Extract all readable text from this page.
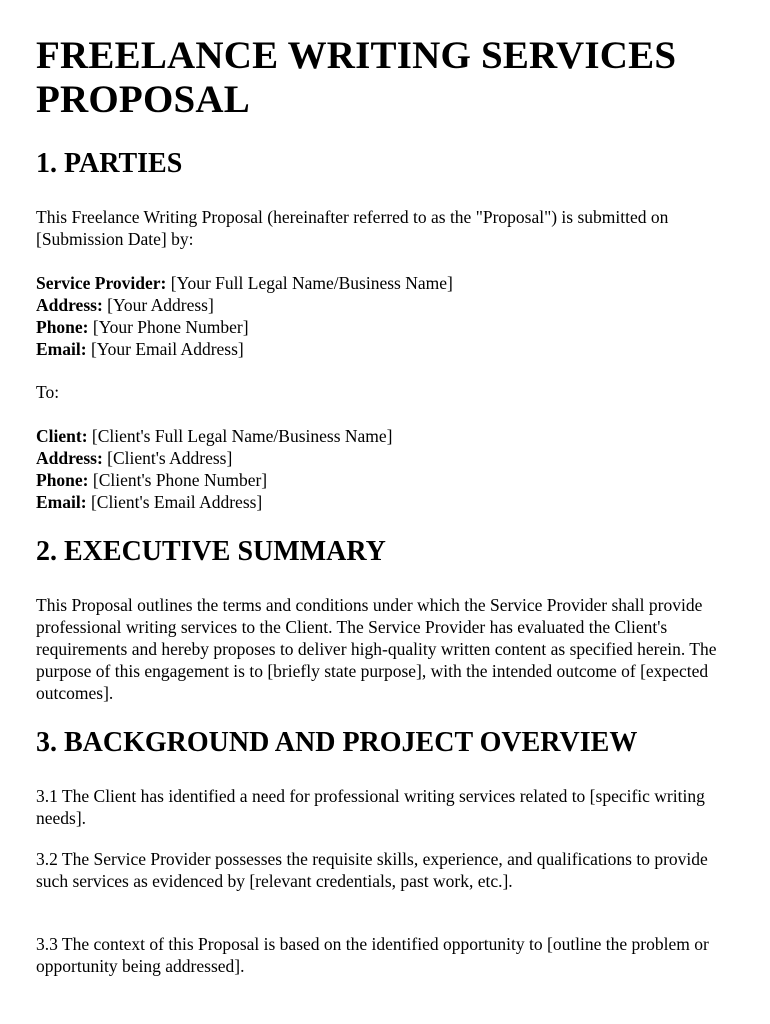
FREELANCE WRITING SERVICES PROPOSAL
1. PARTIES

This Freelance Writing Proposal (hereinafter referred to as the "Proposal") is submitted on [Submission Date] by:

Service Provider: [Your Full Legal Name/Business Name]
Address: [Your Address]
Phone: [Your Phone Number]
Email: [Your Email Address]

To:

Client: [Client's Full Legal Name/Business Name]
Address: [Client's Address]
Phone: [Client's Phone Number]
Email: [Client's Email Address]
2. EXECUTIVE SUMMARY

This Proposal outlines the terms and conditions under which the Service Provider shall provide professional writing services to the Client. The Service Provider has evaluated the Client's requirements and hereby proposes to deliver high-quality written content as specified herein. The purpose of this engagement is to [briefly state purpose], with the intended outcome of [expected outcomes].

3. BACKGROUND AND PROJECT OVERVIEW

3.1 The Client has identified a need for professional writing services related to [specific writing needs].

3.2 The Service Provider possesses the requisite skills, experience, and qualifications to provide such services as evidenced by [relevant credentials, past work, etc.].

3.3 The context of this Proposal is based on the identified opportunity to [outline the problem or opportunity being addressed].
